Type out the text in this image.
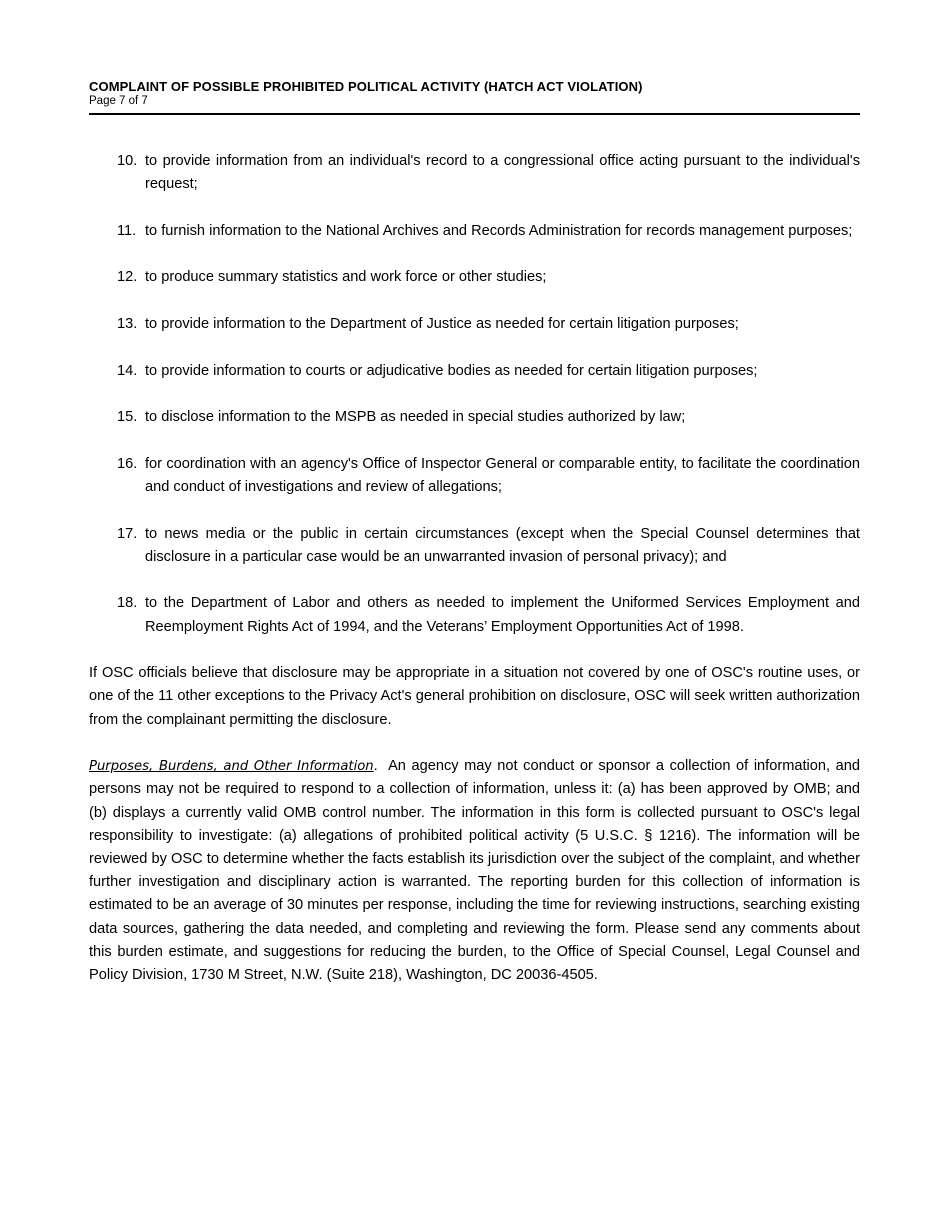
COMPLAINT OF POSSIBLE PROHIBITED POLITICAL ACTIVITY (HATCH ACT VIOLATION)
Page 7 of 7
10. to provide information from an individual's record to a congressional office acting pursuant to the individual's request;
11. to furnish information to the National Archives and Records Administration for records management purposes;
12. to produce summary statistics and work force or other studies;
13. to provide information to the Department of Justice as needed for certain litigation purposes;
14. to provide information to courts or adjudicative bodies as needed for certain litigation purposes;
15. to disclose information to the MSPB as needed in special studies authorized by law;
16. for coordination with an agency's Office of Inspector General or comparable entity, to facilitate the coordination and conduct of investigations and review of allegations;
17. to news media or the public in certain circumstances (except when the Special Counsel determines that disclosure in a particular case would be an unwarranted invasion of personal privacy); and
18. to the Department of Labor and others as needed to implement the Uniformed Services Employment and Reemployment Rights Act of 1994, and the Veterans’ Employment Opportunities Act of 1998.

If OSC officials believe that disclosure may be appropriate in a situation not covered by one of OSC's routine uses, or one of the 11 other exceptions to the Privacy Act's general prohibition on disclosure, OSC will seek written authorization from the complainant permitting the disclosure.

Purposes, Burdens, and Other Information.  An agency may not conduct or sponsor a collection of information, and persons may not be required to respond to a collection of information, unless it: (a) has been approved by OMB; and (b) displays a currently valid OMB control number. The information in this form is collected pursuant to OSC's legal responsibility to investigate: (a) allegations of prohibited political activity (5 U.S.C. § 1216). The information will be reviewed by OSC to determine whether the facts establish its jurisdiction over the subject of the complaint, and whether further investigation and disciplinary action is warranted. The reporting burden for this collection of information is estimated to be an average of 30 minutes per response, including the time for reviewing instructions, searching existing data sources, gathering the data needed, and completing and reviewing the form. Please send any comments about this burden estimate, and suggestions for reducing the burden, to the Office of Special Counsel, Legal Counsel and Policy Division, 1730 M Street, N.W. (Suite 218), Washington, DC 20036-4505.
